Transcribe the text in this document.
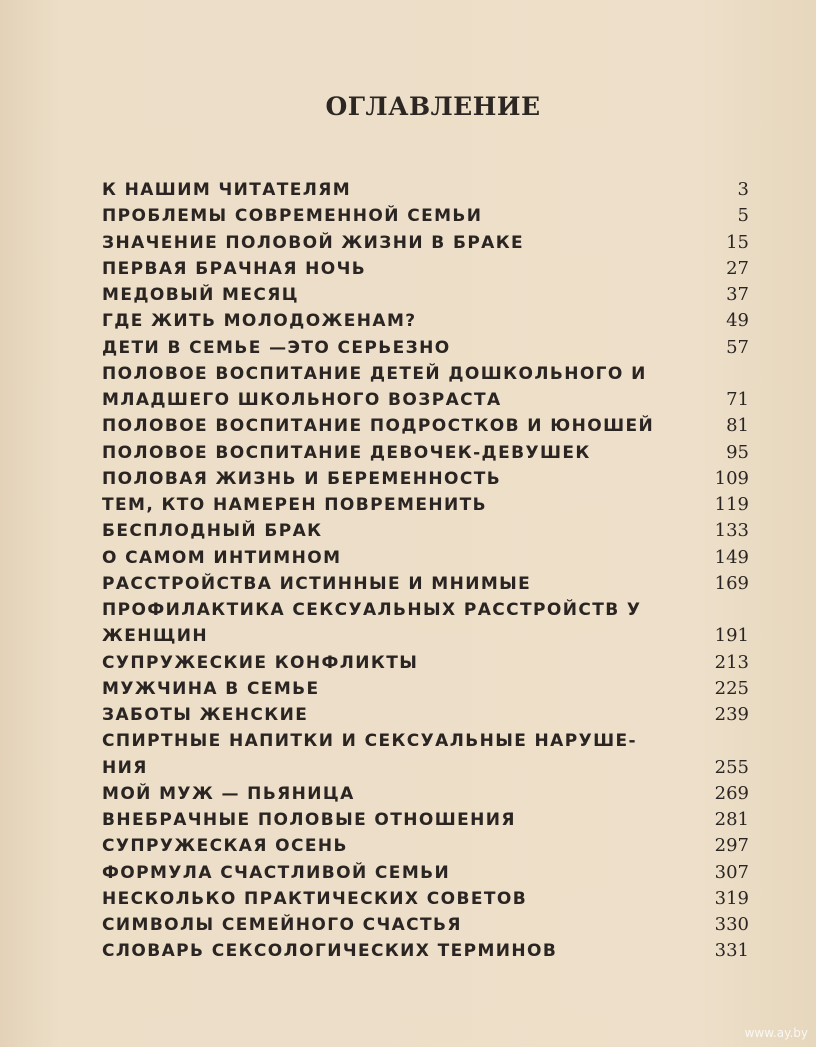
ОГЛАВЛЕНИЕ
К НАШИМ ЧИТАТЕЛЯМ	3
ПРОБЛЕМЫ СОВРЕМЕННОЙ СЕМЬИ	5
ЗНАЧЕНИЕ ПОЛОВОЙ ЖИЗНИ В БРАКЕ	15
ПЕРВАЯ БРАЧНАЯ НОЧЬ	27
МЕДОВЫЙ МЕСЯЦ	37
ГДЕ ЖИТЬ МОЛОДОЖЕНАМ?	49
ДЕТИ В СЕМЬЕ —ЭТО СЕРЬЕЗНО	57
ПОЛОВОЕ ВОСПИТАНИЕ ДЕТЕЙ ДОШКОЛЬНОГО И
МЛАДШЕГО ШКОЛЬНОГО ВОЗРАСТА	71
ПОЛОВОЕ ВОСПИТАНИЕ ПОДРОСТКОВ И ЮНОШЕЙ	81
ПОЛОВОЕ ВОСПИТАНИЕ ДЕВОЧЕК-ДЕВУШЕК	95
ПОЛОВАЯ ЖИЗНЬ И БЕРЕМЕННОСТЬ	109
ТЕМ, КТО НАМЕРЕН ПОВРЕМЕНИТЬ	119
БЕСПЛОДНЫЙ БРАК	133
О САМОМ ИНТИМНОМ	149
РАССТРОЙСТВА ИСТИННЫЕ И МНИМЫЕ	169
ПРОФИЛАКТИКА СЕКСУАЛЬНЫХ РАССТРОЙСТВ У
ЖЕНЩИН	191
СУПРУЖЕСКИЕ КОНФЛИКТЫ	213
МУЖЧИНА В СЕМЬЕ	225
ЗАБОТЫ ЖЕНСКИЕ	239
СПИРТНЫЕ НАПИТКИ И СЕКСУАЛЬНЫЕ НАРУШЕ-
НИЯ	255
МОЙ МУЖ — ПЬЯНИЦА	269
ВНЕБРАЧНЫЕ ПОЛОВЫЕ ОТНОШЕНИЯ	281
СУПРУЖЕСКАЯ ОСЕНЬ	297
ФОРМУЛА СЧАСТЛИВОЙ СЕМЬИ	307
НЕСКОЛЬКО ПРАКТИЧЕСКИХ СОВЕТОВ	319
СИМВОЛЫ СЕМЕЙНОГО СЧАСТЬЯ	330
СЛОВАРЬ СЕКСОЛОГИЧЕСКИХ ТЕРМИНОВ	331
www.ay.by
